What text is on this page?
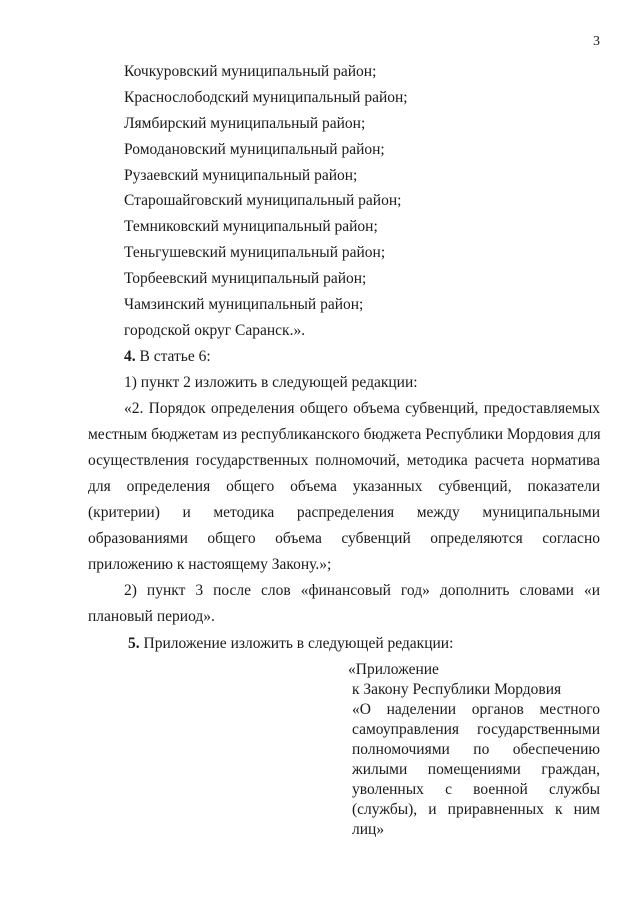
3
Кочкуровский муниципальный район;
Краснослободский муниципальный район;
Лямбирский муниципальный район;
Ромодановский муниципальный район;
Рузаевский муниципальный район;
Старошайговский муниципальный район;
Темниковский муниципальный район;
Теньгушевский муниципальный район;
Торбеевский муниципальный район;
Чамзинский муниципальный район;
городской округ Саранск.».
4. В статье 6:
1) пункт 2 изложить в следующей редакции:
«2. Порядок определения общего объема субвенций, предоставляемых
местным бюджетам из республиканского бюджета Республики Мордовия для
осуществления государственных полномочий, методика расчета норматива
для определения общего объема указанных субвенций, показатели
(критерии) и методика распределения между муниципальными
образованиями общего объема субвенций определяются согласно
приложению к настоящему Закону.»;
2) пункт 3 после слов «финансовый год» дополнить словами «и
плановый период».
5. Приложение изложить в следующей редакции:
«Приложение
к Закону Республики Мордовия
«О наделении органов местного
самоуправления государственными
полномочиями по обеспечению
жилыми помещениями граждан,
уволенных с военной службы
(службы), и приравненных к ним
лиц»
